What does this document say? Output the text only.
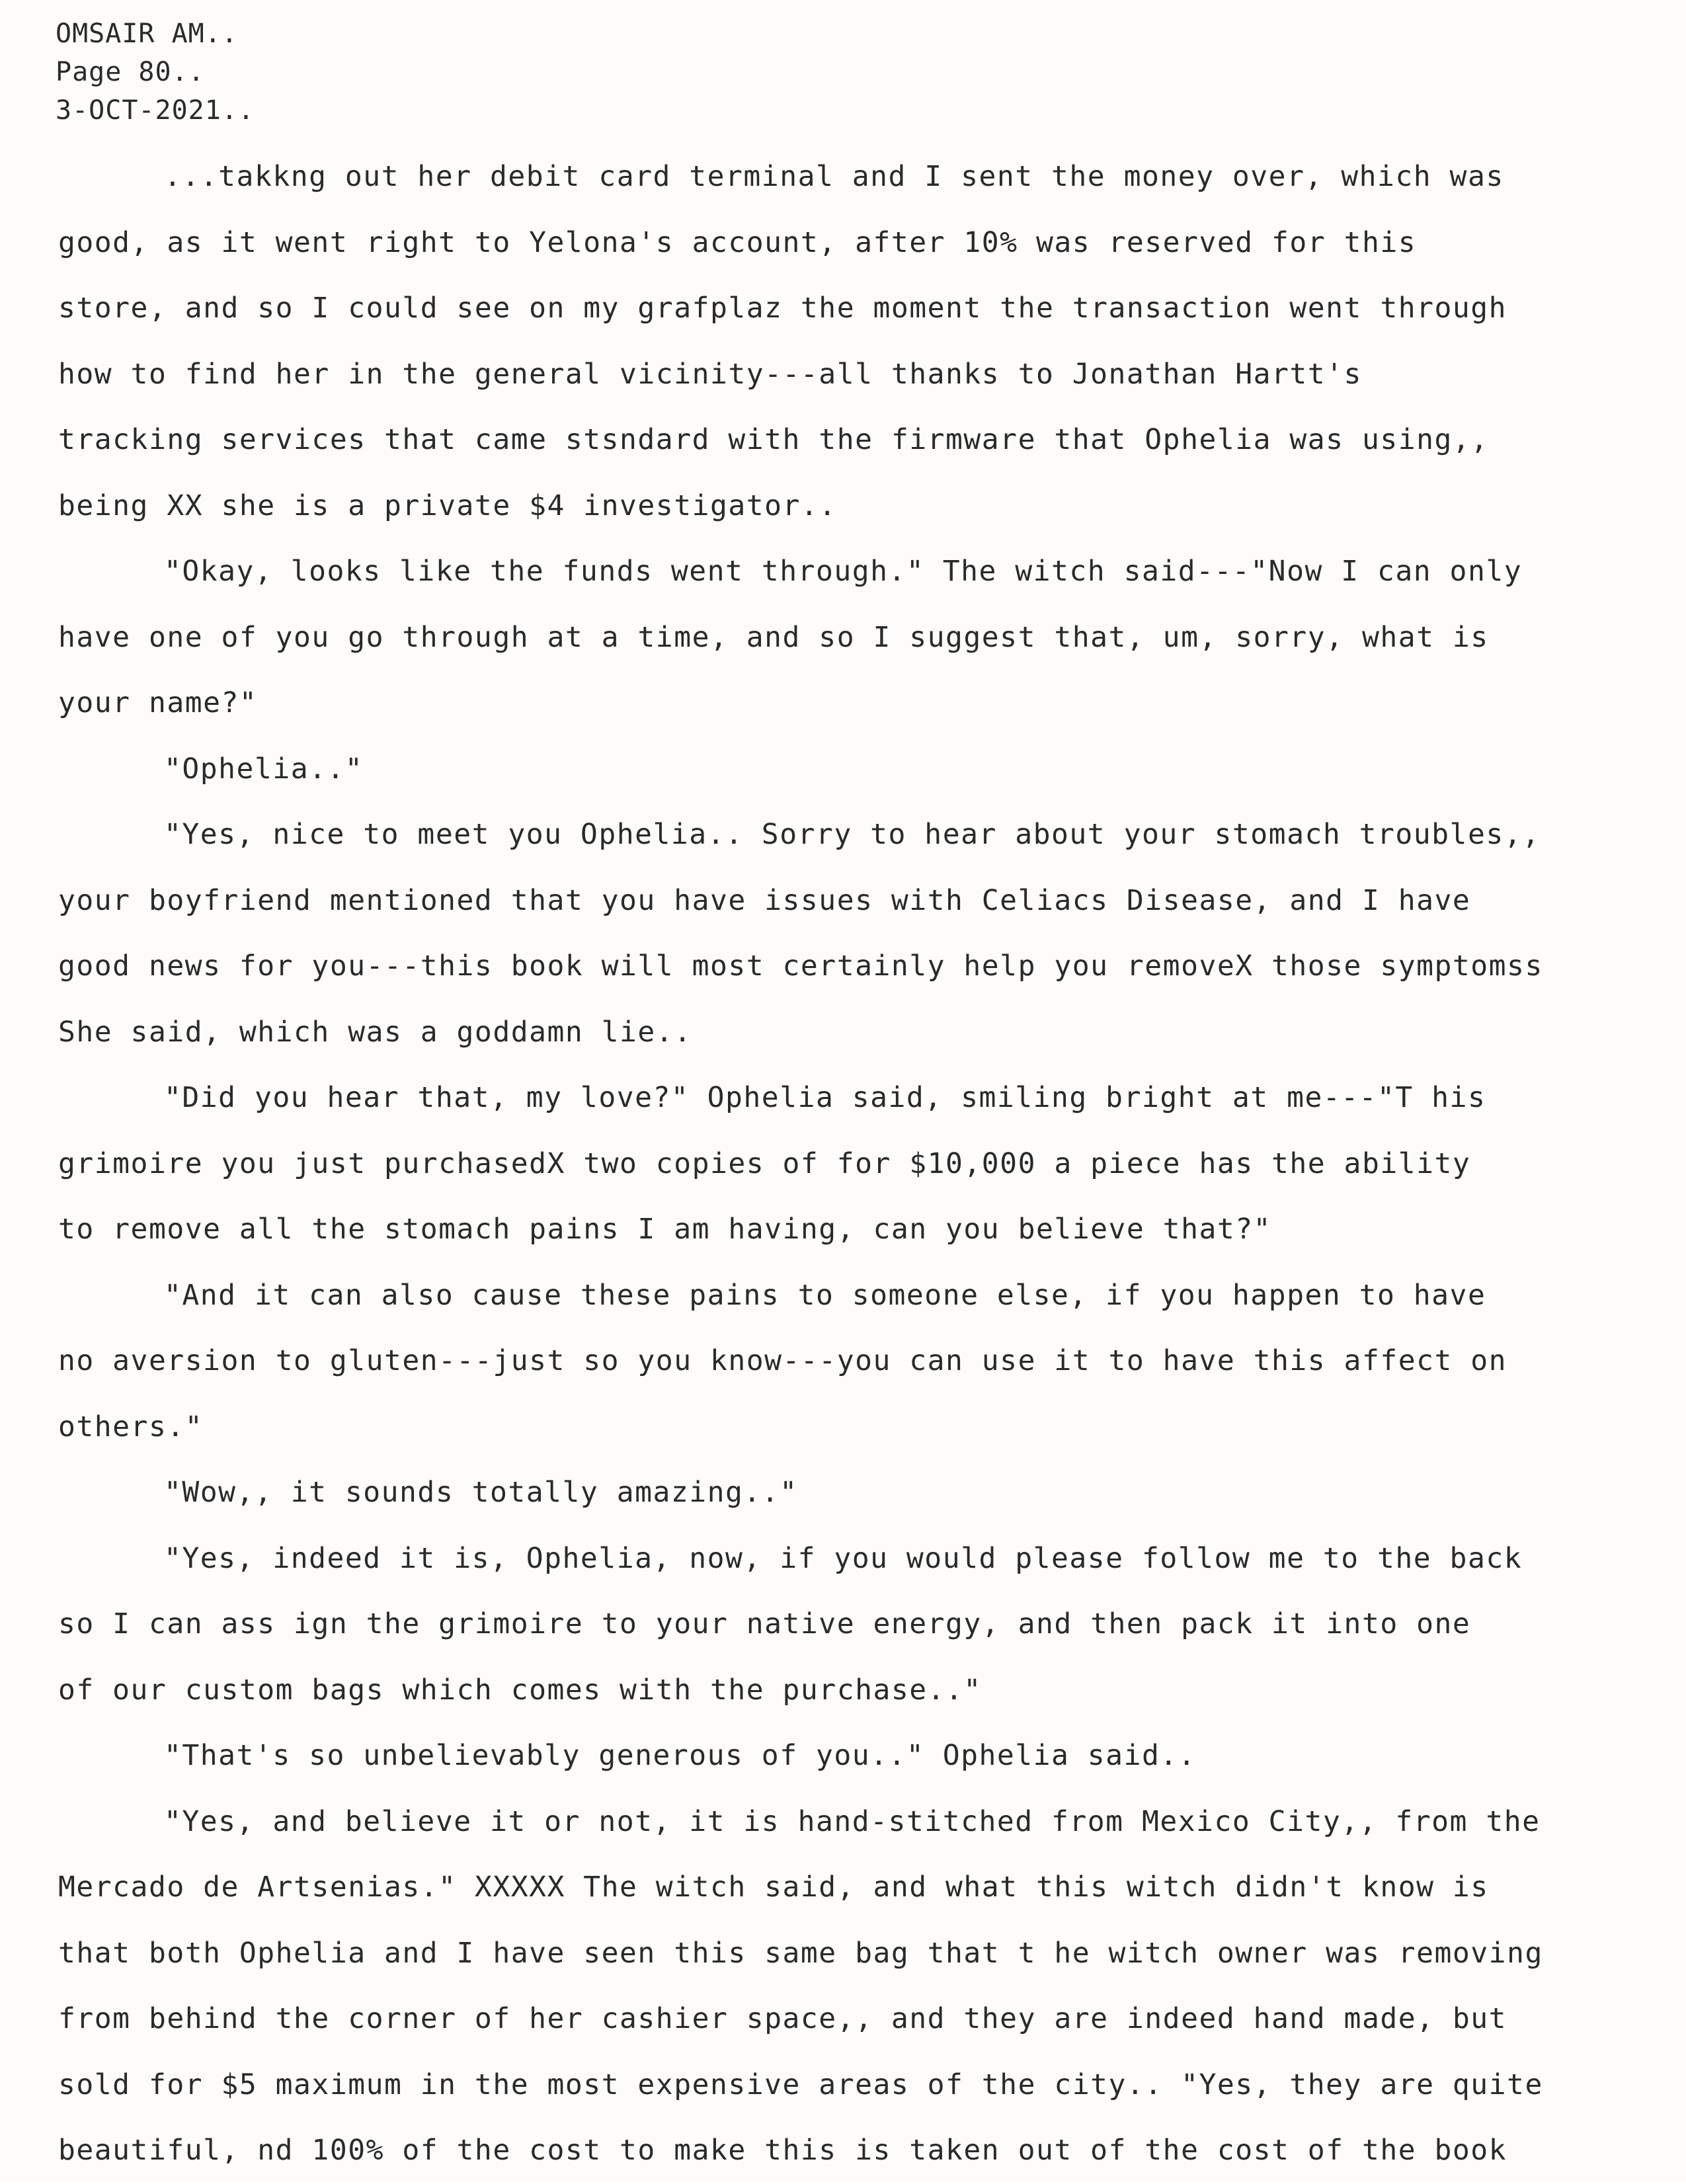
OMSAIR AM..
Page 80..
3-OCT-2021..
...takkng out her debit card terminal and I sent the money over, which was
good, as it went right to Yelona's account, after 10% was reserved for this
store, and so I could see on my grafplaz the moment the transaction went through
how to find her in the general vicinity---all thanks to Jonathan Hartt's
tracking services that came stsndard with the firmware that Ophelia was using,,
being XX she is a private $4 investigator..
"Okay, looks like the funds went through." The witch said---"Now I can only
have one of you go through at a time, and so I suggest that, um, sorry, what is
your name?"
"Ophelia.."
"Yes, nice to meet you Ophelia.. Sorry to hear about your stomach troubles,,
your boyfriend mentioned that you have issues with Celiacs Disease, and I have
good news for you---this book will most certainly help you removeX those symptomss
She said, which was a goddamn lie..
"Did you hear that, my love?" Ophelia said, smiling bright at me---"T his
grimoire you just purchasedX two copies of for $10,000 a piece has the ability
to remove all the stomach pains I am having, can you believe that?"
"And it can also cause these pains to someone else, if you happen to have
no aversion to gluten---just so you know---you can use it to have this affect on
others."
"Wow,, it sounds totally amazing.."
"Yes, indeed it is, Ophelia, now, if you would please follow me to the back
so I can ass ign the grimoire to your native energy, and then pack it into one
of our custom bags which comes with the purchase.."
"That's so unbelievably generous of you.." Ophelia said..
"Yes, and believe it or not, it is hand-stitched from Mexico City,, from the
Mercado de Artsenias." XXXXX The witch said, and what this witch didn't know is
that both Ophelia and I have seen this same bag that t he witch owner was removing
from behind the corner of her cashier space,, and they are indeed hand made, but
sold for $5 maximum in the most expensive areas of the city.. "Yes, they are quite
beautiful, nd 100% of the cost to make this is taken out of the cost of the book
